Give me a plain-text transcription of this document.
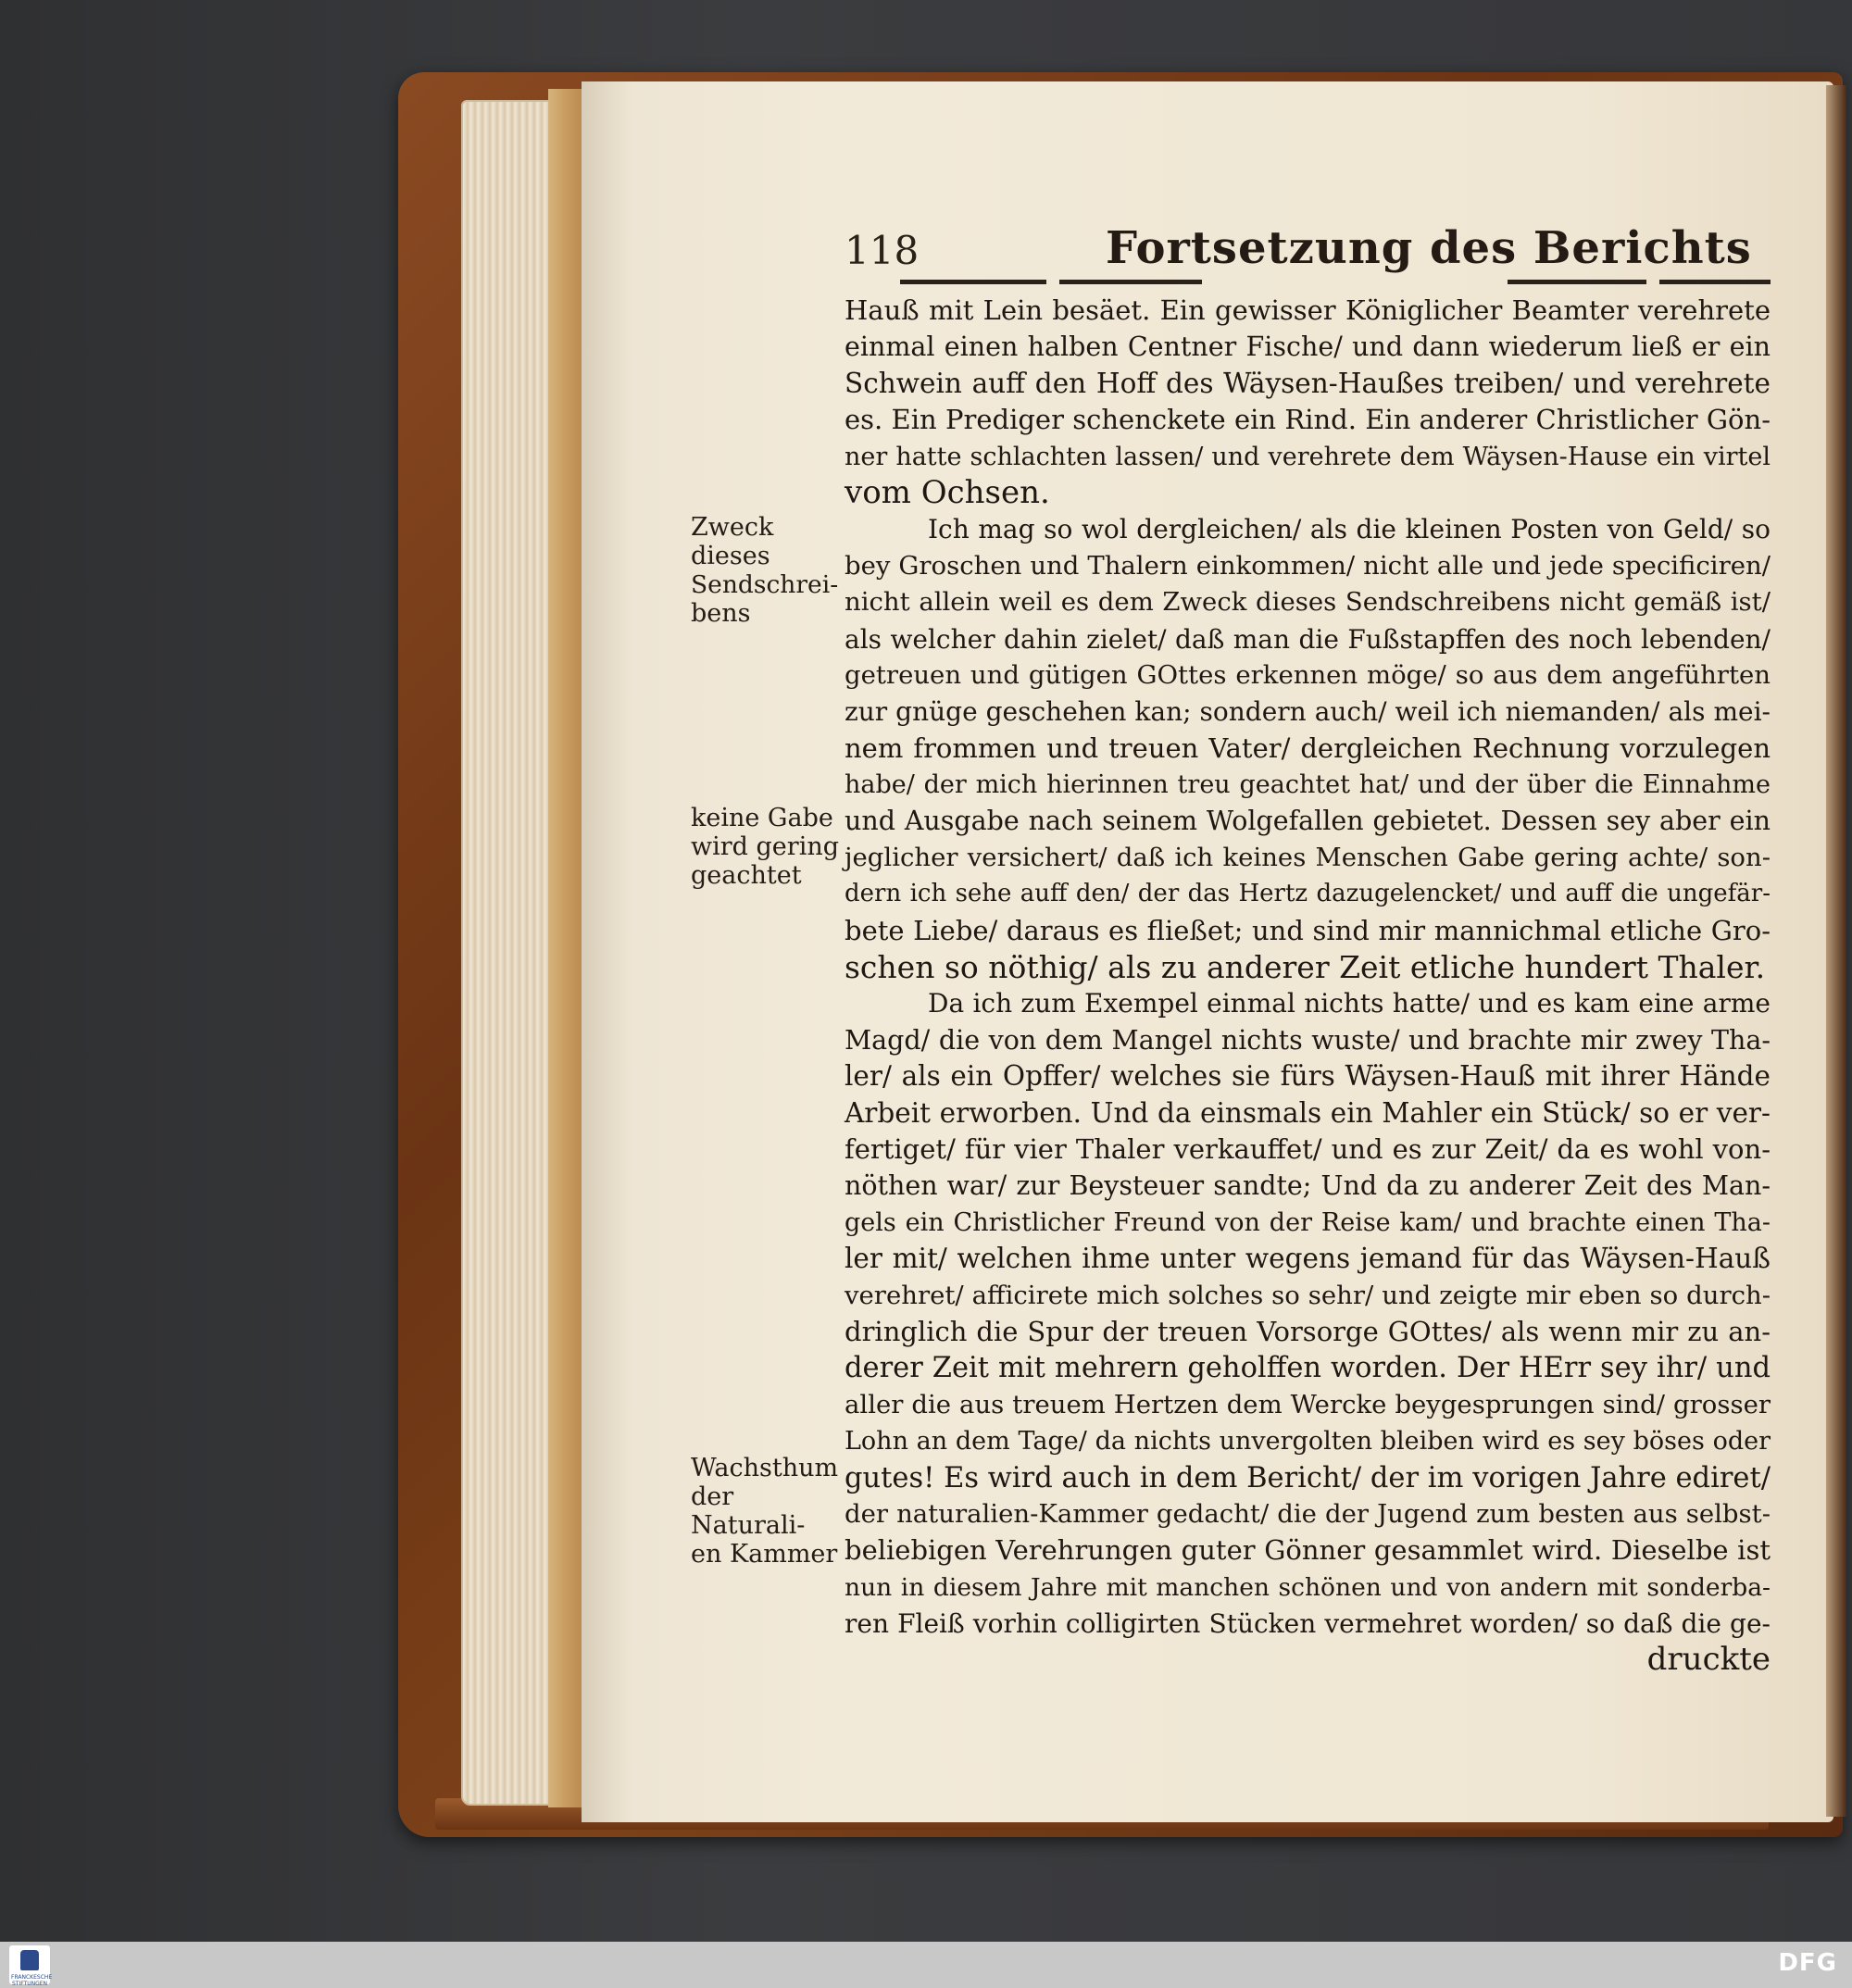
118	Fortsetzung des Berichts
Hauß mit Lein besäet. Ein gewisser Königlicher Beamter verehrete
einmal einen halben Centner Fische/ und dann wiederum ließ er ein
Schwein auff den Hoff des Wäysen-Haußes treiben/ und verehrete
es. Ein Prediger schenckete ein Rind. Ein anderer Christlicher Gön-
ner hatte schlachten lassen/ und verehrete dem Wäysen-Hause ein virtel
vom Ochsen.
Ich mag so wol dergleichen/ als die kleinen Posten von Geld/ so
bey Groschen und Thalern einkommen/ nicht alle und jede specificiren/
nicht allein weil es dem Zweck dieses Sendschreibens nicht gemäß ist/
als welcher dahin zielet/ daß man die Fußstapffen des noch lebenden/
getreuen und gütigen GOttes erkennen möge/ so aus dem angeführten
zur gnüge geschehen kan; sondern auch/ weil ich niemanden/ als mei-
nem frommen und treuen Vater/ dergleichen Rechnung vorzulegen
habe/ der mich hierinnen treu geachtet hat/ und der über die Einnahme
und Ausgabe nach seinem Wolgefallen gebietet. Dessen sey aber ein
jeglicher versichert/ daß ich keines Menschen Gabe gering achte/ son-
dern ich sehe auff den/ der das Hertz dazugelencket/ und auff die ungefär-
bete Liebe/ daraus es fließet; und sind mir mannichmal etliche Gro-
schen so nöthig/ als zu anderer Zeit etliche hundert Thaler.
Da ich zum Exempel einmal nichts hatte/ und es kam eine arme
Magd/ die von dem Mangel nichts wuste/ und brachte mir zwey Tha-
ler/ als ein Opffer/ welches sie fürs Wäysen-Hauß mit ihrer Hände
Arbeit erworben. Und da einsmals ein Mahler ein Stück/ so er ver-
fertiget/ für vier Thaler verkauffet/ und es zur Zeit/ da es wohl von-
nöthen war/ zur Beysteuer sandte; Und da zu anderer Zeit des Man-
gels ein Christlicher Freund von der Reise kam/ und brachte einen Tha-
ler mit/ welchen ihme unter wegens jemand für das Wäysen-Hauß
verehret/ afficirete mich solches so sehr/ und zeigte mir eben so durch-
dringlich die Spur der treuen Vorsorge GOttes/ als wenn mir zu an-
derer Zeit mit mehrern geholffen worden. Der HErr sey ihr/ und
aller die aus treuem Hertzen dem Wercke beygesprungen sind/ grosser
Lohn an dem Tage/ da nichts unvergolten bleiben wird es sey böses oder
gutes! Es wird auch in dem Bericht/ der im vorigen Jahre ediret/
der naturalien-Kammer gedacht/ die der Jugend zum besten aus selbst-
beliebigen Verehrungen guter Gönner gesammlet wird. Dieselbe ist
nun in diesem Jahre mit manchen schönen und von andern mit sonderba-
ren Fleiß vorhin colligirten Stücken vermehret worden/ so daß die ge-
druckte
Zweck dieses
Sendschrei-
bens
keine Gabe
wird gering
geachtet
Wachsthum
der Naturali-
en Kammer
FRANCKESCHE STIFTUNGEN
DFG
